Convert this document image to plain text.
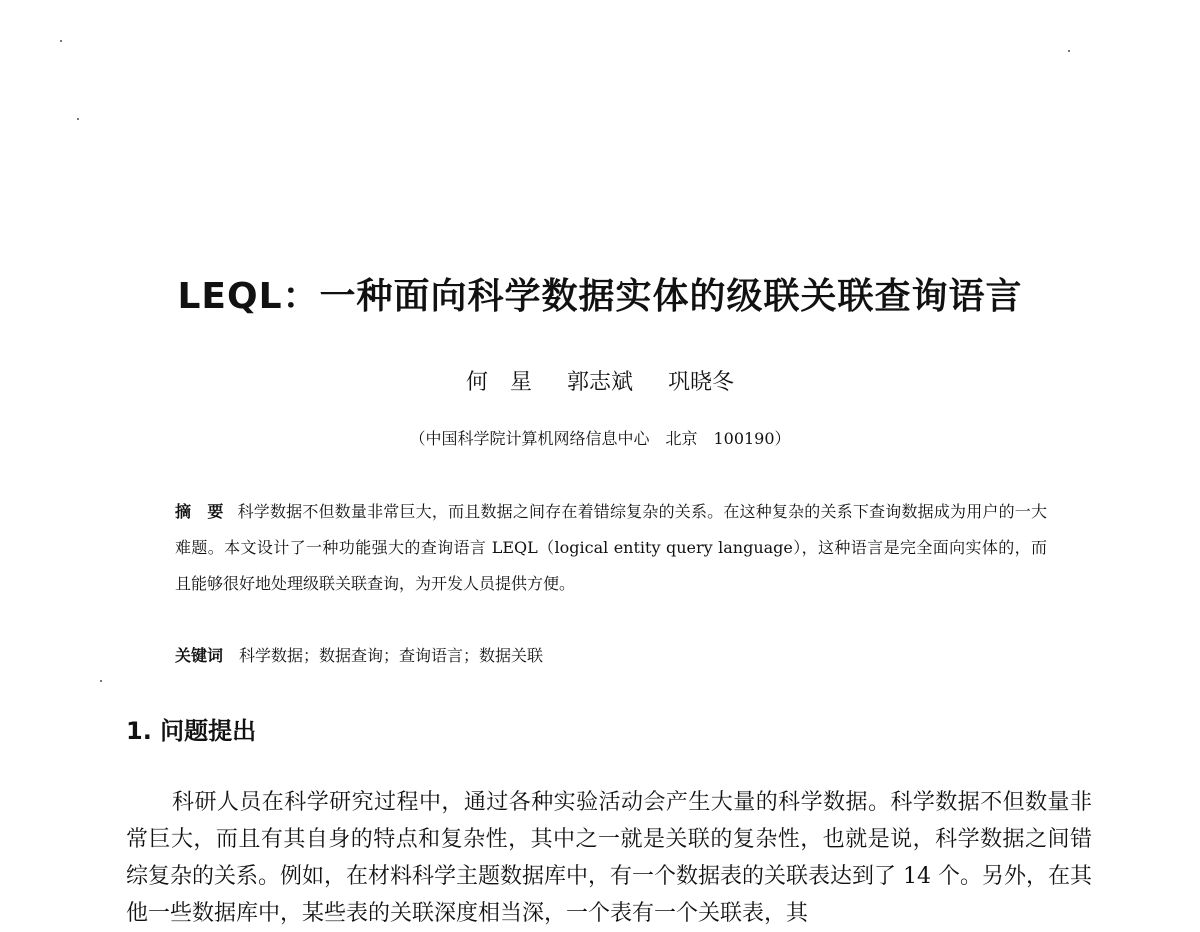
LEQL：一种面向科学数据实体的级联关联查询语言
何　星 郭志斌 巩晓冬
（中国科学院计算机网络信息中心　北京　100190）
摘　要 科学数据不但数量非常巨大，而且数据之间存在着错综复杂的关系。在这种复杂的关系下查询数据成为用户的一大难题。本文设计了一种功能强大的查询语言 LEQL（logical entity query language），这种语言是完全面向实体的，而且能够很好地处理级联关联查询，为开发人员提供方便。
关键词 科学数据；数据查询；查询语言；数据关联
1. 问题提出

科研人员在科学研究过程中，通过各种实验活动会产生大量的科学数据。科学数据不但数量非常巨大，而且有其自身的特点和复杂性，其中之一就是关联的复杂性，也就是说，科学数据之间错综复杂的关系。例如，在材料科学主题数据库中，有一个数据表的关联表达到了 14 个。另外，在其他一些数据库中，某些表的关联深度相当深，一个表有一个关联表，其
